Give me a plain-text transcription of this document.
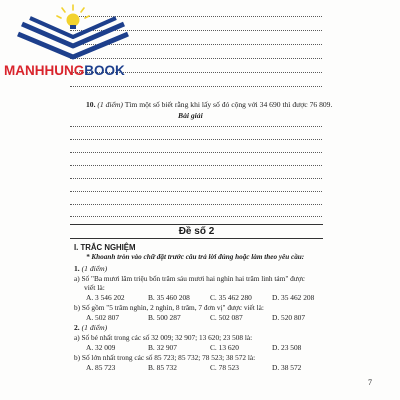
MANHHUNGBOOK
10. (1 điểm) Tìm một số biết rằng khi lấy số đó cộng với 34 690 thì được 76 809.
Bài giải
Đề số 2
I. TRẮC NGHIỆM
* Khoanh tròn vào chữ đặt trước câu trả lời đúng hoặc làm theo yêu cầu:
1. (1 điểm)
a) Số "Ba mươi lăm triệu bốn trăm sáu mươi hai nghìn hai trăm linh tám" được
viết là:
A. 3 546 202	B. 35 460 208	C. 35 462 280	D. 35 462 208
b) Số gồm "5 trăm nghìn, 2 nghìn, 8 trăm, 7 đơn vị" được viết là:
A. 502 807	B. 500 287	C. 502 087	D. 520 807
2. (1 điểm)
a) Số bé nhất trong các số 32 009; 32 907; 13 620; 23 508 là:
A. 32 009	B. 32 907	C. 13 620	D. 23 508
b) Số lớn nhất trong các số 85 723; 85 732; 78 523; 38 572 là:
A. 85 723	B. 85 732	C. 78 523	D. 38 572
7
